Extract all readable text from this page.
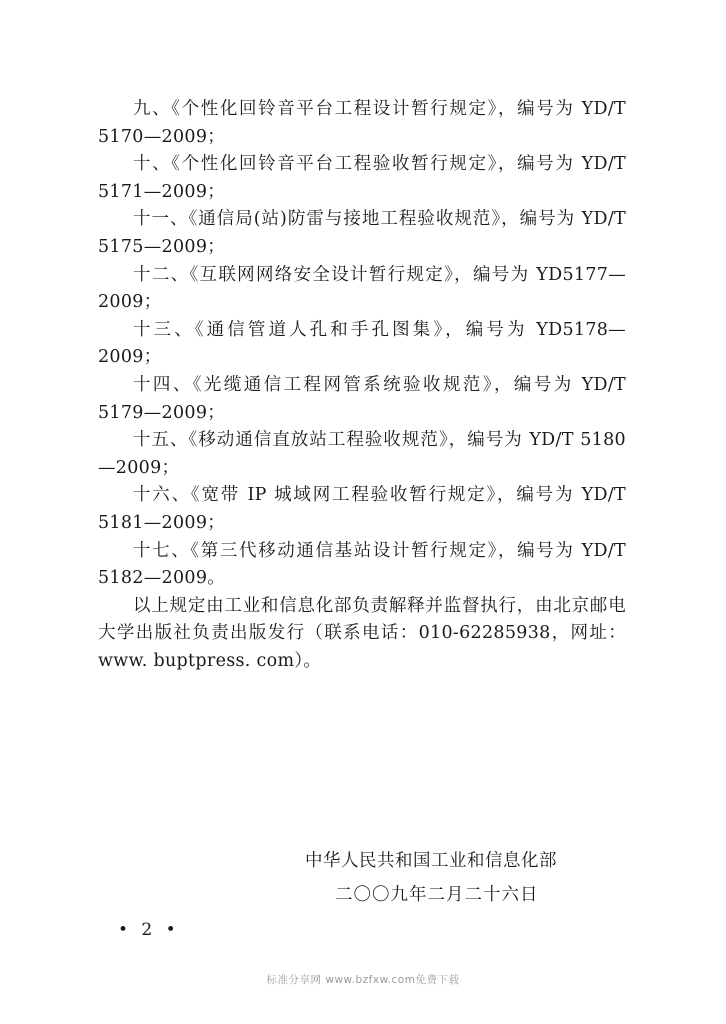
九、《个性化回铃音平台工程设计暂行规定》，编号为 YD/T 5170—2009；

十、《个性化回铃音平台工程验收暂行规定》，编号为 YD/T 5171—2009；

十一、《通信局(站)防雷与接地工程验收规范》，编号为 YD/T 5175—2009；

十二、《互联网网络安全设计暂行规定》，编号为 YD5177—2009；

十三、《通信管道人孔和手孔图集》，编号为 YD5178—2009；

十四、《光缆通信工程网管系统验收规范》，编号为 YD/T 5179—2009；

十五、《移动通信直放站工程验收规范》，编号为 YD/T 5180—2009；

十六、《宽带 IP 城域网工程验收暂行规定》，编号为 YD/T 5181—2009；

十七、《第三代移动通信基站设计暂行规定》，编号为 YD/T 5182—2009。

以上规定由工业和信息化部负责解释并监督执行，由北京邮电大学出版社负责出版发行（联系电话：010-62285938，网址：www. buptpress. com）。

中华人民共和国工业和信息化部
二〇〇九年二月二十六日
• 2 •
标准分享网 www.bzfxw.com免费下载
